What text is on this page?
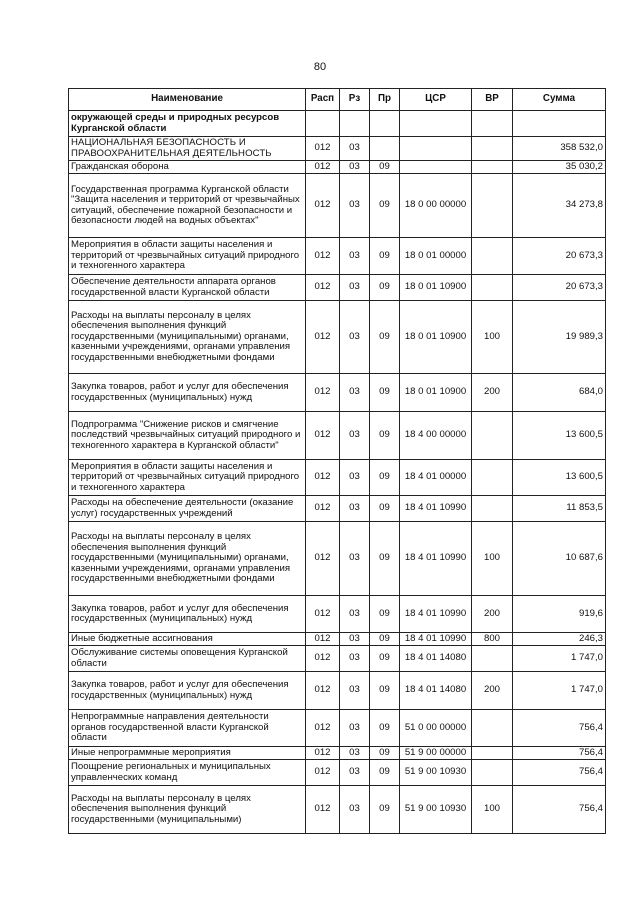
80
Наименование	Расп	Рз	Пр	ЦСР	ВР	Сумма
окружающей среды и природных ресурсов Курганской области						
НАЦИОНАЛЬНАЯ БЕЗОПАСНОСТЬ И ПРАВООХРАНИТЕЛЬНАЯ ДЕЯТЕЛЬНОСТЬ	012	03				358 532,0
Гражданская оборона	012	03	09			35 030,2
Государственная программа Курганской области "Защита населения и территорий от чрезвычайных ситуаций, обеспечение пожарной безопасности и безопасности людей на водных объектах"	012	03	09	18 0 00 00000		34 273,8
Мероприятия в области защиты населения и территорий от чрезвычайных ситуаций природного и техногенного характера	012	03	09	18 0 01 00000		20 673,3
Обеспечение деятельности аппарата органов государственной власти Курганской области	012	03	09	18 0 01 10900		20 673,3
Расходы на выплаты персоналу в целях обеспечения выполнения функций государственными (муниципальными) органами, казенными учреждениями, органами управления государственными внебюджетными фондами	012	03	09	18 0 01 10900	100	19 989,3
Закупка товаров, работ и услуг для обеспечения государственных (муниципальных) нужд	012	03	09	18 0 01 10900	200	684,0
Подпрограмма "Снижение рисков и смягчение последствий чрезвычайных ситуаций природного и техногенного характера в Курганской области"	012	03	09	18 4 00 00000		13 600,5
Мероприятия в области защиты населения и территорий от чрезвычайных ситуаций природного и техногенного характера	012	03	09	18 4 01 00000		13 600,5
Расходы на обеспечение деятельности (оказание услуг) государственных учреждений	012	03	09	18 4 01 10990		11 853,5
Расходы на выплаты персоналу в целях обеспечения выполнения функций государственными (муниципальными) органами, казенными учреждениями, органами управления государственными внебюджетными фондами	012	03	09	18 4 01 10990	100	10 687,6
Закупка товаров, работ и услуг для обеспечения государственных (муниципальных) нужд	012	03	09	18 4 01 10990	200	919,6
Иные бюджетные ассигнования	012	03	09	18 4 01 10990	800	246,3
Обслуживание системы оповещения Курганской области	012	03	09	18 4 01 14080		1 747,0
Закупка товаров, работ и услуг для обеспечения государственных (муниципальных) нужд	012	03	09	18 4 01 14080	200	1 747,0
Непрограммные направления деятельности органов государственной власти Курганской области	012	03	09	51 0 00 00000		756,4
Иные непрограммные мероприятия	012	03	09	51 9 00 00000		756,4
Поощрение региональных и муниципальных управленческих команд	012	03	09	51 9 00 10930		756,4
Расходы на выплаты персоналу в целях обеспечения выполнения функций государственными (муниципальными)	012	03	09	51 9 00 10930	100	756,4
